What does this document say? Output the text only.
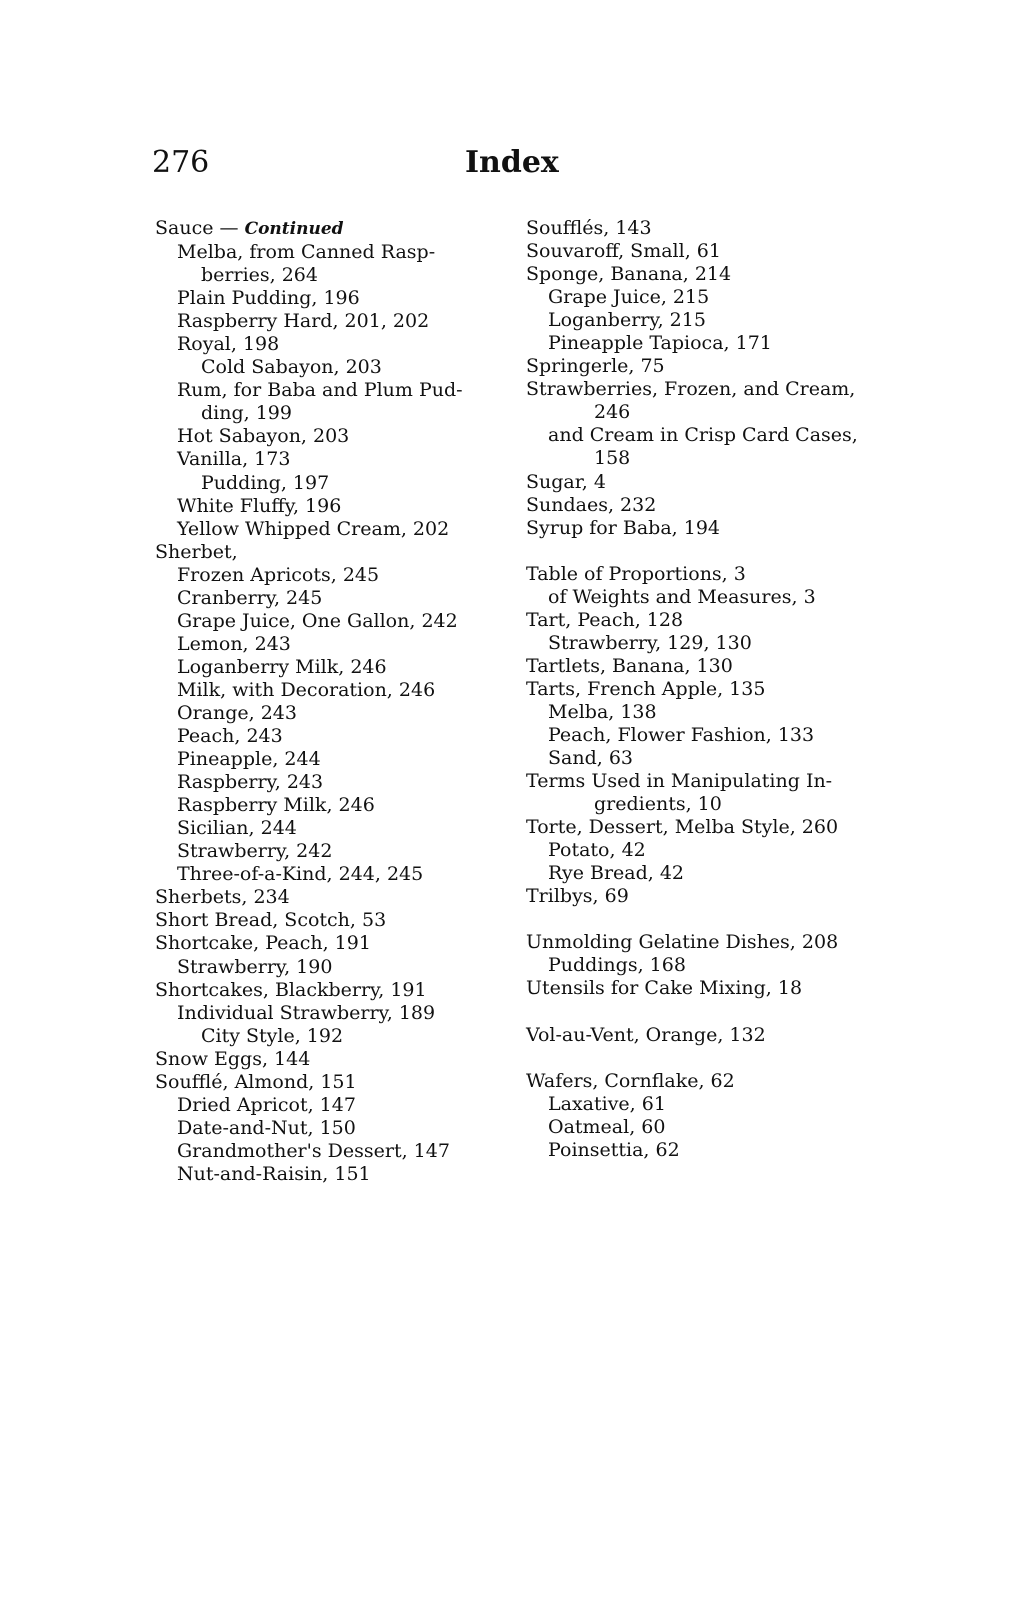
276	Index
Sauce — Continued
Melba, from Canned Rasp-
berries, 264
Plain Pudding, 196
Raspberry Hard, 201, 202
Royal, 198
Cold Sabayon, 203
Rum, for Baba and Plum Pud-
ding, 199
Hot Sabayon, 203
Vanilla, 173
Pudding, 197
White Fluffy, 196
Yellow Whipped Cream, 202
Sherbet,
Frozen Apricots, 245
Cranberry, 245
Grape Juice, One Gallon, 242
Lemon, 243
Loganberry Milk, 246
Milk, with Decoration, 246
Orange, 243
Peach, 243
Pineapple, 244
Raspberry, 243
Raspberry Milk, 246
Sicilian, 244
Strawberry, 242
Three-of-a-Kind, 244, 245
Sherbets, 234
Short Bread, Scotch, 53
Shortcake, Peach, 191
Strawberry, 190
Shortcakes, Blackberry, 191
Individual Strawberry, 189
City Style, 192
Snow Eggs, 144
Soufflé, Almond, 151
Dried Apricot, 147
Date-and-Nut, 150
Grandmother's Dessert, 147
Nut-and-Raisin, 151
Soufflés, 143
Souvaroff, Small, 61
Sponge, Banana, 214
Grape Juice, 215
Loganberry, 215
Pineapple Tapioca, 171
Springerle, 75
Strawberries, Frozen, and Cream,
246
and Cream in Crisp Card Cases,
158
Sugar, 4
Sundaes, 232
Syrup for Baba, 194
Table of Proportions, 3
of Weights and Measures, 3
Tart, Peach, 128
Strawberry, 129, 130
Tartlets, Banana, 130
Tarts, French Apple, 135
Melba, 138
Peach, Flower Fashion, 133
Sand, 63
Terms Used in Manipulating In-
gredients, 10
Torte, Dessert, Melba Style, 260
Potato, 42
Rye Bread, 42
Trilbys, 69
Unmolding Gelatine Dishes, 208
Puddings, 168
Utensils for Cake Mixing, 18
Vol-au-Vent, Orange, 132
Wafers, Cornflake, 62
Laxative, 61
Oatmeal, 60
Poinsettia, 62
